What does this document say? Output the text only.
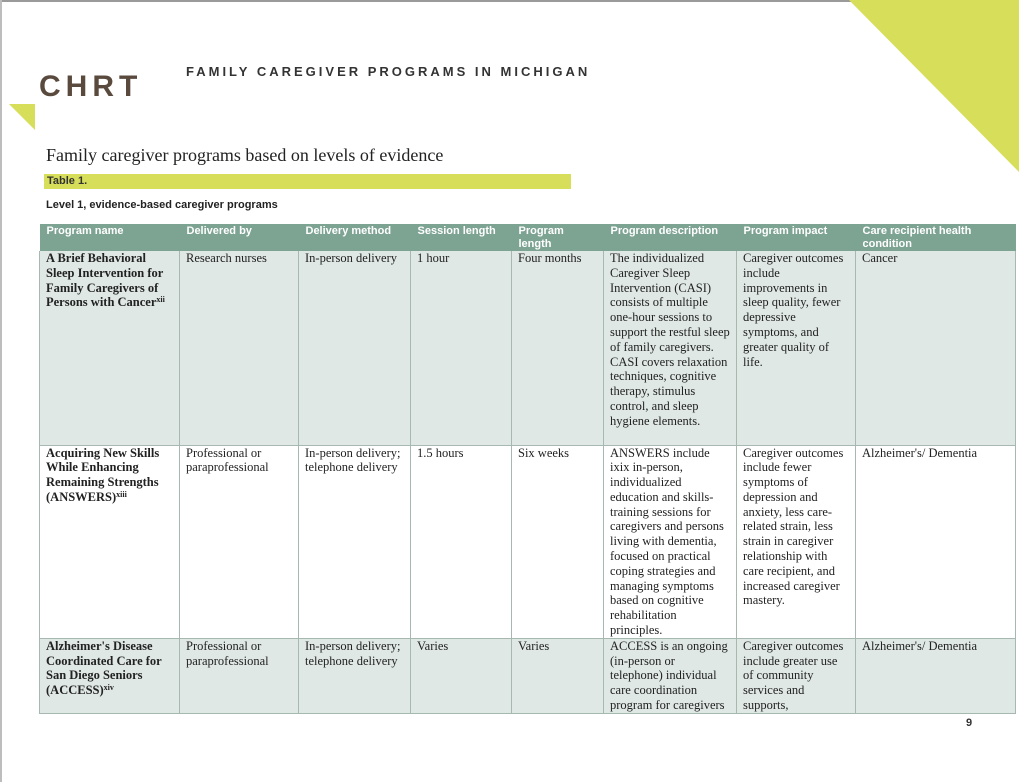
CHRT	FAMILY CAREGIVER PROGRAMS IN MICHIGAN
Family caregiver programs based on levels of evidence
Table 1.
Level 1, evidence-based caregiver programs
Program name	Delivered by	Delivery method	Session length	Program length	Program description	Program impact	Care recipient health condition
A Brief Behavioral Sleep Intervention for Family Caregivers of Persons with Cancer$^{xii}$	Research nurses	In-person delivery	1 hour	Four months	The individualized Caregiver Sleep Intervention (CASI) consists of multiple one-hour sessions to support the restful sleep of family caregivers. CASI covers relaxation techniques, cognitive therapy, stimulus control, and sleep hygiene elements.	Caregiver outcomes include improvements in sleep quality, fewer depressive symptoms, and greater quality of life.	Cancer
Acquiring New Skills While Enhancing Remaining Strengths (ANSWERS)$^{xiii}$	Professional or paraprofessional	In-person delivery; telephone delivery	1.5 hours	Six weeks	ANSWERS include ixix in-person, individualized education and skills-training sessions for caregivers and persons living with dementia, focused on practical coping strategies and managing symptoms based on cognitive rehabilitation principles.	Caregiver outcomes include fewer symptoms of depression and anxiety, less care-related strain, less strain in caregiver relationship with care recipient, and increased caregiver mastery.	Alzheimer's/ Dementia
Alzheimer's Disease Coordinated Care for San Diego Seniors (ACCESS)$^{xiv}$	Professional or paraprofessional	In-person delivery; telephone delivery	Varies	Varies	ACCESS is an ongoing (in-person or telephone) individual care coordination program for caregivers	Caregiver outcomes include greater use of community services and supports,	Alzheimer's/ Dementia
9
